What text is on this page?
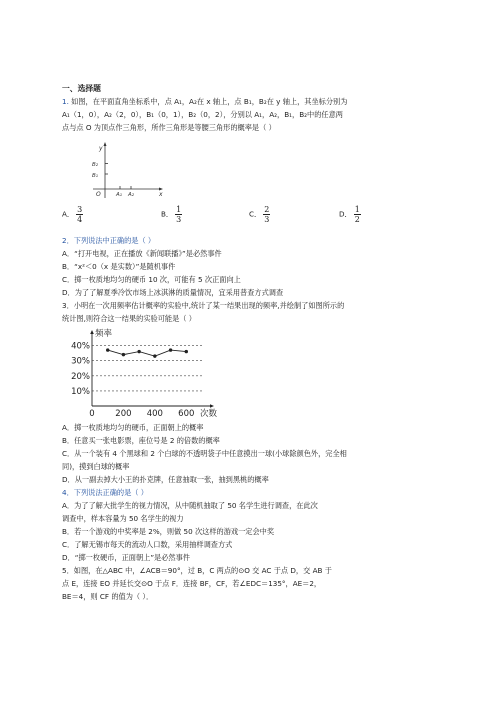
一、选择题
1. 如图，在平面直角坐标系中，点 A₁，A₂在 x 轴上，点 B₁，B₂在 y 轴上，其坐标分别为
A₁（1，0），A₂（2，0），B₁（0，1），B₂（0，2），分别以 A₁，A₂，B₁，B₂中的任意两
点与点 O 为顶点作三角形，所作三角形是等腰三角形的概率是（ ）
y
x
B₂
B₁
O	A₁ A₂
A． $\frac{3}{4}$	B． $\frac{1}{3}$	C． $\frac{2}{3}$	D． $\frac{1}{2}$
2．下列说法中正确的是（ ）
A．“打开电视，正在播放《新闻联播》”是必然事件
B．“x²＜0（x 是实数）”是随机事件
C．掷一枚质地均匀的硬币 10 次，可能有 5 次正面向上
D．为了了解夏季冷饮市场上冰淇淋的质量情况，宜采用普查方式调查
3．小明在一次用频率估计概率的实验中,统计了某一结果出现的频率,并绘制了如图所示的
统计图,则符合这一结果的实验可能是（ ）
频率
次数
40%
30%
20%
10%
0 200 400 600
A．掷一枚质地均匀的硬币，正面朝上的概率
B．任意买一张电影票，座位号是 2 的倍数的概率
C．从一个装有 4 个黑球和 2 个白球的不透明袋子中任意摸出一球(小球除颜色外，完全相
同)，摸到白球的概率
D．从一副去掉大小王的扑克牌，任意抽取一张，抽到黑桃的概率
4．下列说法正确的是（ ）
A．为了了解大批学生的视力情况，从中随机抽取了 50 名学生进行调查，在此次
调查中，样本容量为 50 名学生的视力
B．若一个游戏的中奖率是 2%，则做 50 次这样的游戏一定会中奖
C．了解无锡市每天的流动人口数，采用抽样调查方式
D．“掷一枚硬币，正面朝上”是必然事件
5．如图，在△ABC 中，∠ACB＝90°，过 B，C 两点的⊙O 交 AC 于点 D，交 AB 于
点 E，连接 EO 并延长交⊙O 于点 F．连接 BF，CF，若∠EDC＝135°，AE＝2，
BE＝4，则 CF 的值为（ ）．
